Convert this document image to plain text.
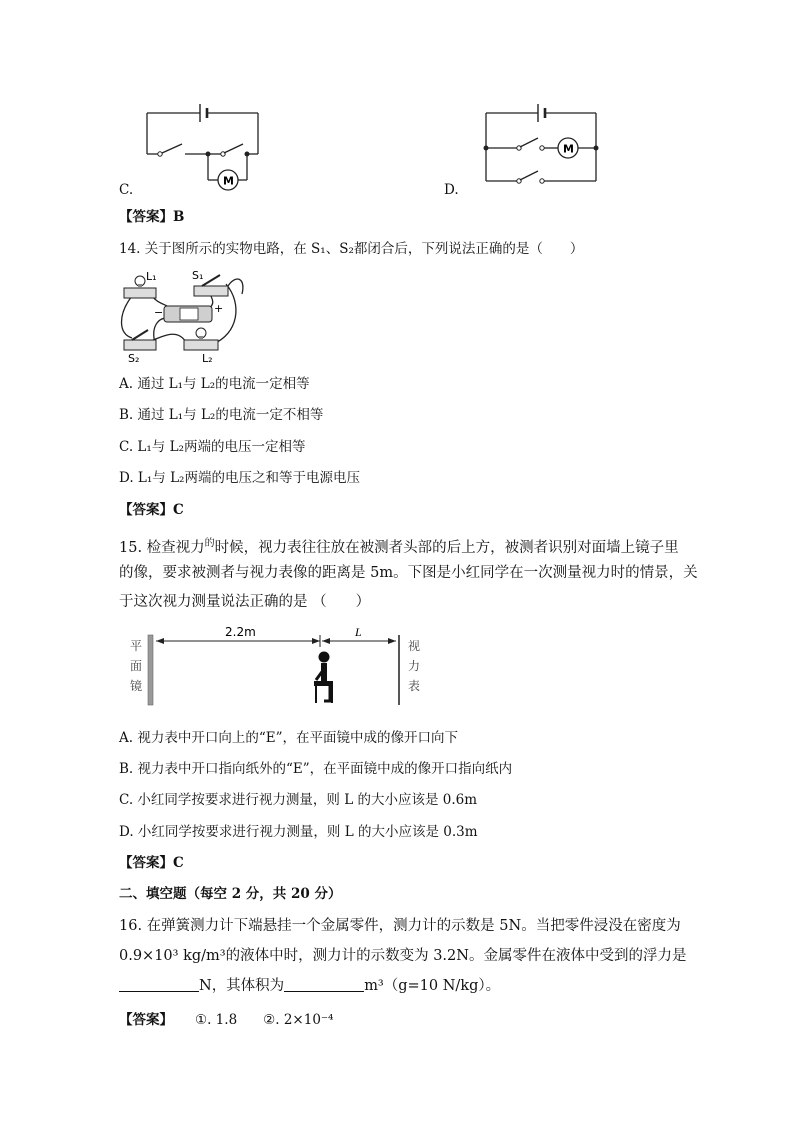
M
C.
M
D.
【答案】B
14. 关于图所示的实物电路，在 S₁、S₂都闭合后，下列说法正确的是（　　）
L₁	S₁
−	+
S₂	L₂
A. 通过 L₁与 L₂的电流一定相等
B. 通过 L₁与 L₂的电流一定不相等
C. L₁与 L₂两端的电压一定相等
D. L₁与 L₂两端的电压之和等于电源电压
【答案】C
15. 检查视力$^的$时候，视力表往往放在被测者头部的后上方，被测者识别对面墙上镜子里
的像，要求被测者与视力表像的距离是 5m。下图是小红同学在一次测量视力时的情景，关
于这次视力测量说法正确的是 （　　）
2.2m	L
平
面
镜
视
力
表
A. 视力表中开口向上的“E”，在平面镜中成的像开口向下
B. 视力表中开口指向纸外的“E”，在平面镜中成的像开口指向纸内
C. 小红同学按要求进行视力测量，则 L 的大小应该是 0.6m
D. 小红同学按要求进行视力测量，则 L 的大小应该是 0.3m
【答案】C
二、填空题（每空 2 分，共 20 分）
16. 在弹簧测力计下端悬挂一个金属零件，测力计的示数是 5N。当把零件浸没在密度为
0.9×10³ kg/m³的液体中时，测力计的示数变为 3.2N。金属零件在液体中受到的浮力是
N，其体积为	m³（g=10 N/kg）。
【答案】 ①. 1.8 ②. 2×10⁻⁴
